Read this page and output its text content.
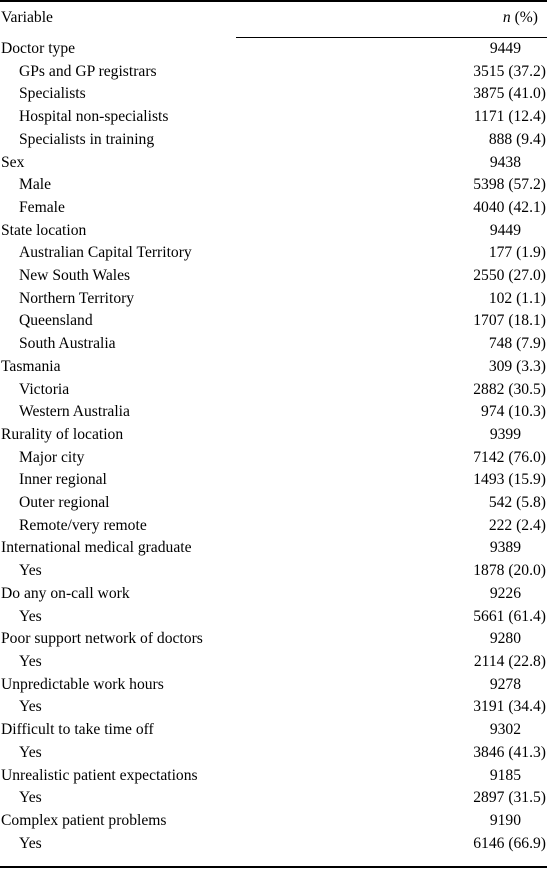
Variable	n (%)
Doctor type	9449
GPs and GP registrars	3515 (37.2)
Specialists	3875 (41.0)
Hospital non-specialists	1171 (12.4)
Specialists in training	888 (9.4)
Sex	9438
Male	5398 (57.2)
Female	4040 (42.1)
State location	9449
Australian Capital Territory	177 (1.9)
New South Wales	2550 (27.0)
Northern Territory	102 (1.1)
Queensland	1707 (18.1)
South Australia	748 (7.9)
Tasmania	309 (3.3)
Victoria	2882 (30.5)
Western Australia	974 (10.3)
Rurality of location	9399
Major city	7142 (76.0)
Inner regional	1493 (15.9)
Outer regional	542 (5.8)
Remote/very remote	222 (2.4)
International medical graduate	9389
Yes	1878 (20.0)
Do any on-call work	9226
Yes	5661 (61.4)
Poor support network of doctors	9280
Yes	2114 (22.8)
Unpredictable work hours	9278
Yes	3191 (34.4)
Difficult to take time off	9302
Yes	3846 (41.3)
Unrealistic patient expectations	9185
Yes	2897 (31.5)
Complex patient problems	9190
Yes	6146 (66.9)
